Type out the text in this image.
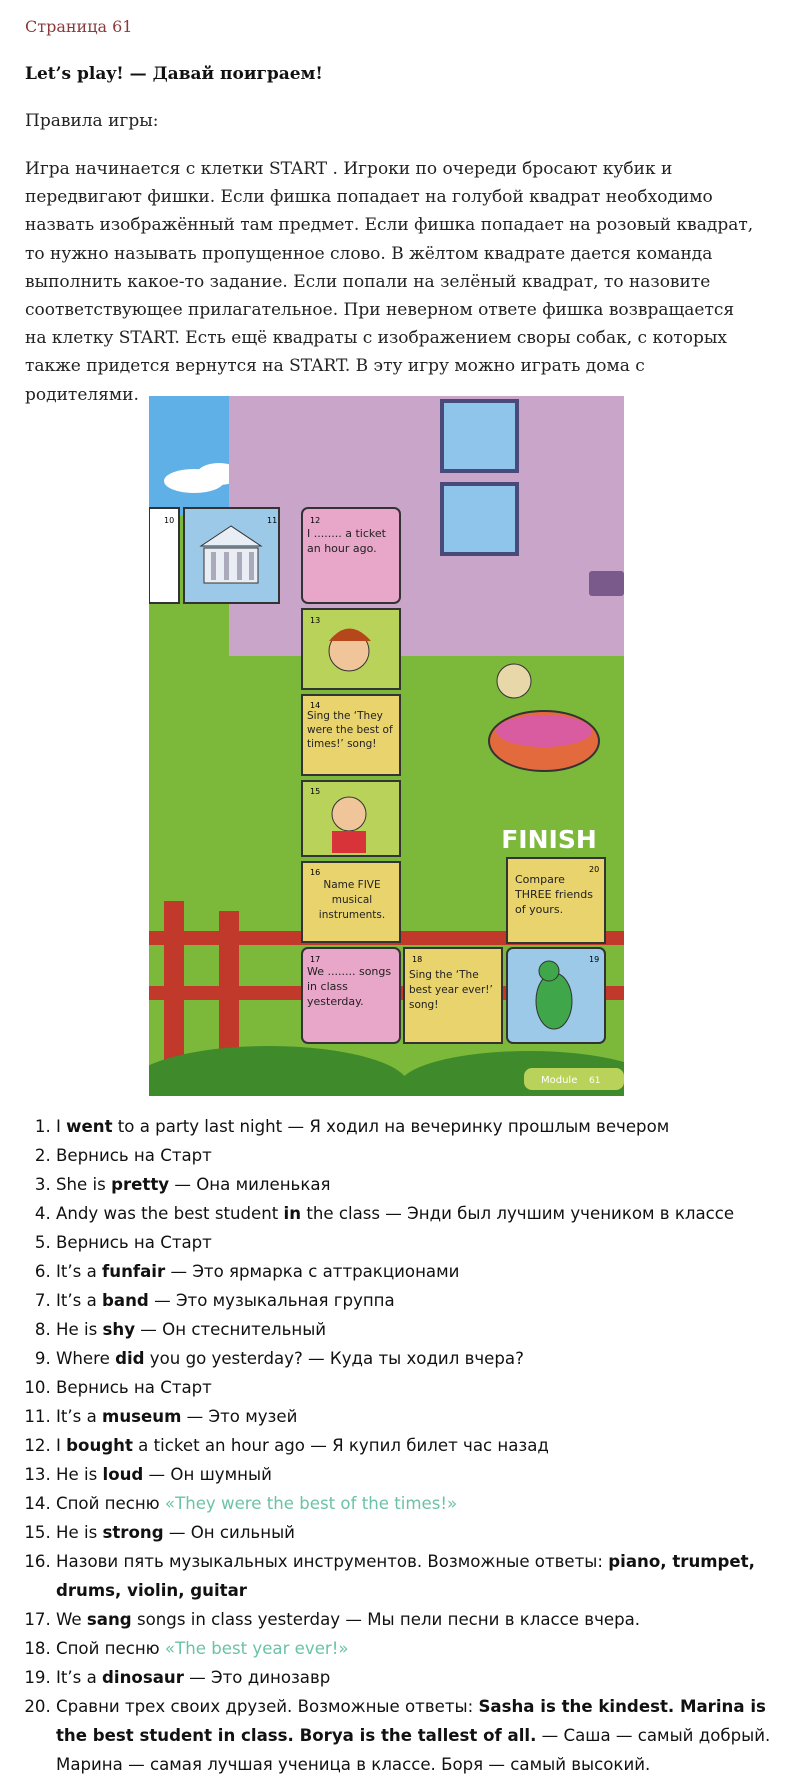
Страница 61
Let’s play! — Давай поиграем!
Правила игры:
Игра начинается с клетки START . Игроки по очереди бросают кубик и передвигают фишки. Если фишка попадает на голубой квадрат необходимо назвать изображённый там предмет. Если фишка попадает на розовый квадрат, то нужно называть пропущенное слово. В жёлтом квадрате дается команда выполнить какое-то задание. Если попали на зелёный квадрат, то назовите соответствующее прилагательное. При неверном ответе фишка возвращается на клетку START. Есть ещё квадраты с изображением своры собак, с которых также придется вернутся на START. В эту игру можно играть дома с родителями.
10	11	12
I ........ a ticket an hour ago.
13
14
Sing the ‘They were the best of times!’ song!
15
16
Name FIVE musical instruments.
17
We ........ songs in class yesterday.
18
Sing the ‘The best year ever!’ song!
19
20
Compare THREE friends of yours.
FINISH
Module 61
1. I went to a party last night — Я ходил на вечеринку прошлым вечером
2. Вернись на Старт
3. She is pretty — Она миленькая
4. Andy was the best student in the class — Энди был лучшим учеником в классе
5. Вернись на Старт
6. It’s a funfair — Это ярмарка с аттракционами
7. It’s a band — Это музыкальная группа
8. He is shy — Он стеснительный
9. Where did you go yesterday? — Куда ты ходил вчера?
10. Вернись на Старт
11. It’s a museum — Это музей
12. I bought a ticket an hour ago — Я купил билет час назад
13. He is loud — Он шумный
14. Спой песню «They were the best of the times!»
15. He is strong — Он сильный
16. Назови пять музыкальных инструментов. Возможные ответы: piano, trumpet, drums, violin, guitar
17. We sang songs in class yesterday — Мы пели песни в классе вчера.
18. Спой песню «The best year ever!»
19. It’s a dinosaur — Это динозавр
20. Сравни трех своих друзей. Возможные ответы: Sasha is the kindest. Marina is the best student in class. Borya is the tallest of all. — Саша — самый добрый. Марина — самая лучшая ученица в классе. Боря — самый высокий.
